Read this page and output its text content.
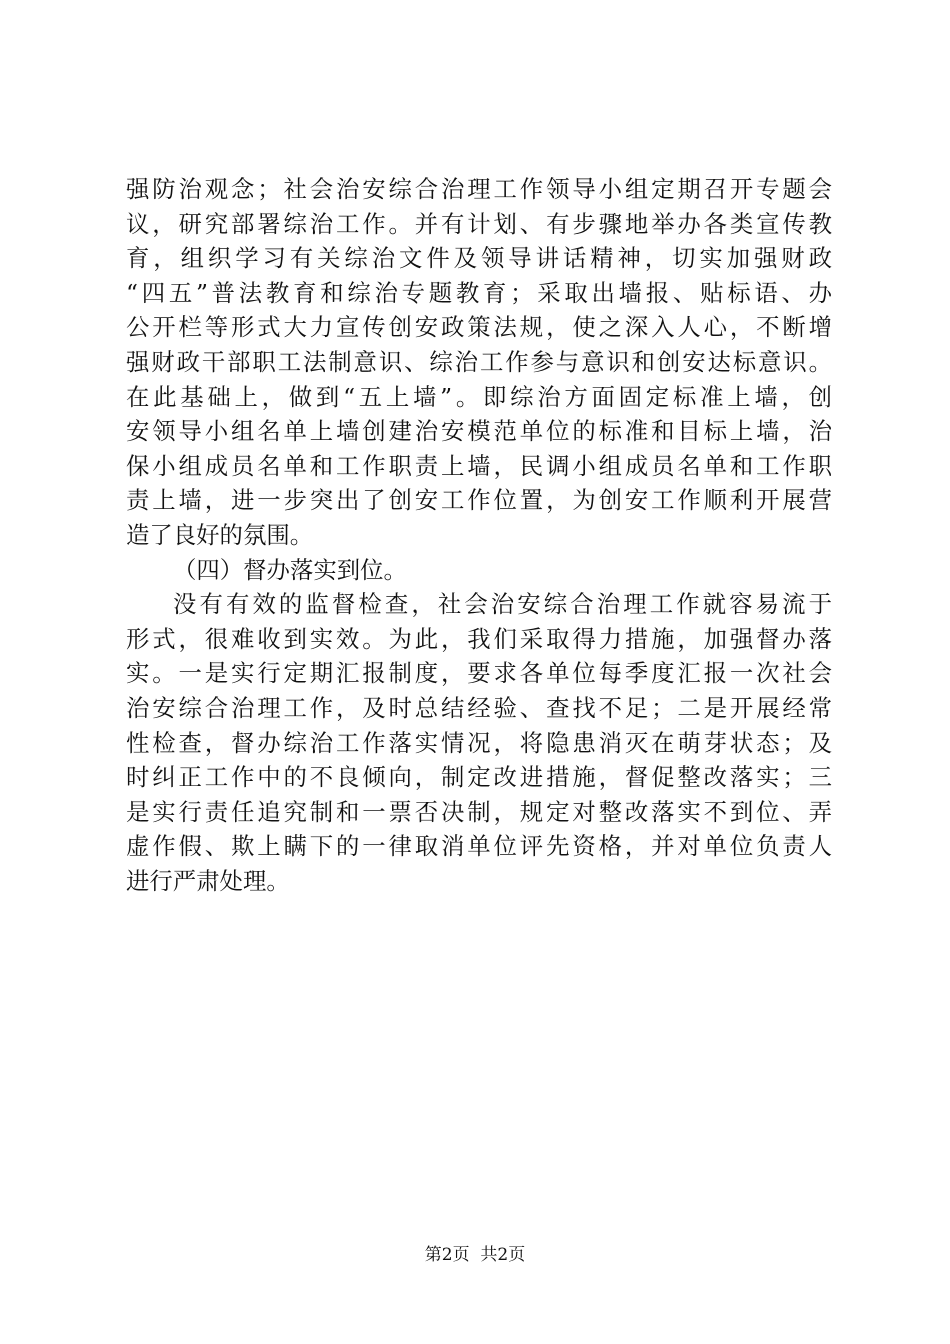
强防治观念；社会治安综合治理工作领导小组定期召开专题会
议，研究部署综治工作。并有计划、有步骤地举办各类宣传教
育，组织学习有关综治文件及领导讲话精神，切实加强财政
“四五”普法教育和综治专题教育；采取出墙报、贴标语、办
公开栏等形式大力宣传创安政策法规，使之深入人心，不断增
强财政干部职工法制意识、综治工作参与意识和创安达标意识。
在此基础上，做到“五上墙”。即综治方面固定标准上墙，创
安领导小组名单上墙创建治安模范单位的标准和目标上墙，治
保小组成员名单和工作职责上墙，民调小组成员名单和工作职
责上墙，进一步突出了创安工作位置，为创安工作顺利开展营
造了良好的氛围。
（四）督办落实到位。
没有有效的监督检查，社会治安综合治理工作就容易流于
形式，很难收到实效。为此，我们采取得力措施，加强督办落
实。一是实行定期汇报制度，要求各单位每季度汇报一次社会
治安综合治理工作，及时总结经验、查找不足；二是开展经常
性检查，督办综治工作落实情况，将隐患消灭在萌芽状态；及
时纠正工作中的不良倾向，制定改进措施，督促整改落实；三
是实行责任追究制和一票否决制，规定对整改落实不到位、弄
虚作假、欺上瞒下的一律取消单位评先资格，并对单位负责人
进行严肃处理。
第2页  共2页
